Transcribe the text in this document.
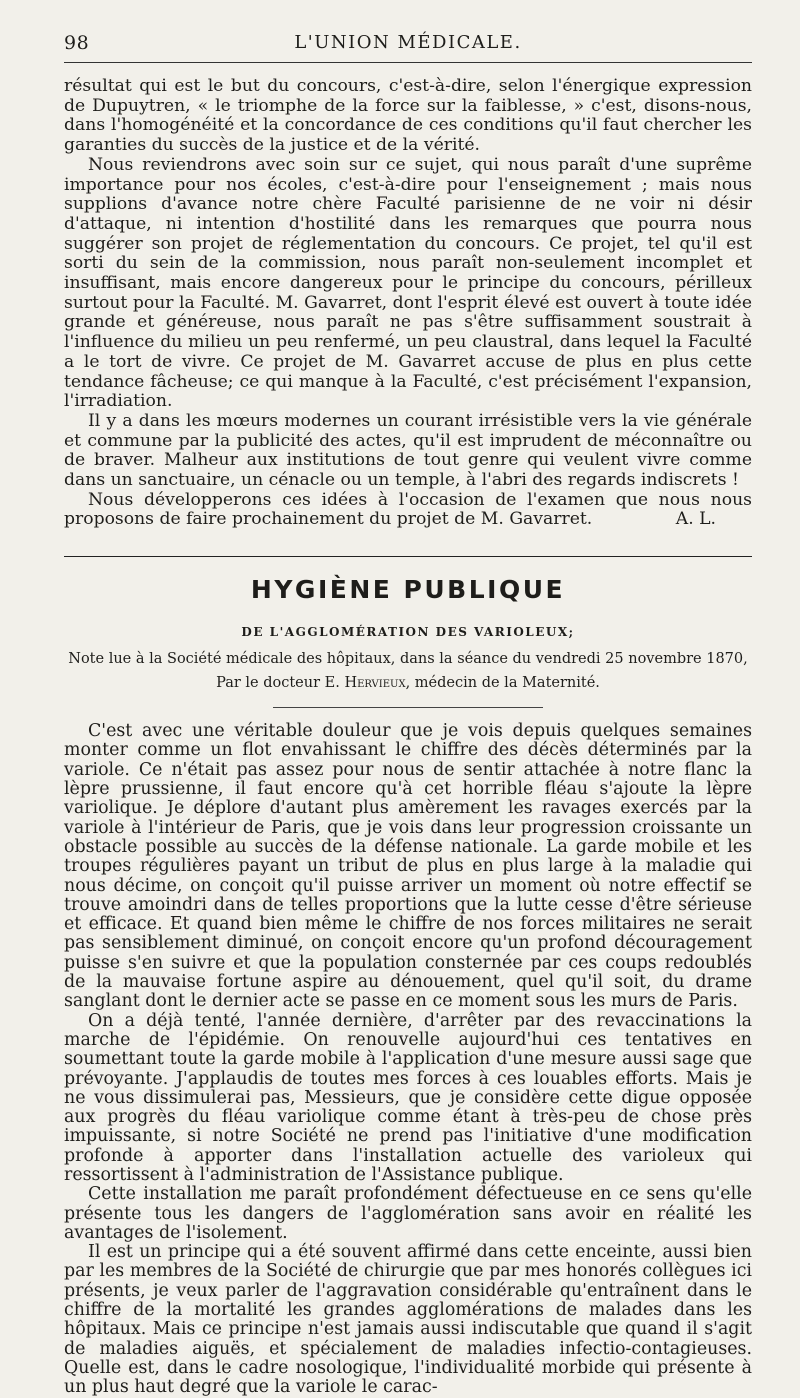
98	L'UNION MÉDICALE.

résultat qui est le but du concours, c'est-à-dire, selon l'énergique expression de Dupuytren, « le triomphe de la force sur la faiblesse, » c'est, disons-nous, dans l'homogénéité et la concordance de ces conditions qu'il faut chercher les garanties du succès de la justice et de la vérité.

Nous reviendrons avec soin sur ce sujet, qui nous paraît d'une suprême importance pour nos écoles, c'est-à-dire pour l'enseignement ; mais nous supplions d'avance notre chère Faculté parisienne de ne voir ni désir d'attaque, ni intention d'hostilité dans les remarques que pourra nous suggérer son projet de réglementation du concours. Ce projet, tel qu'il est sorti du sein de la commission, nous paraît non-seulement incomplet et insuffisant, mais encore dangereux pour le principe du concours, périlleux surtout pour la Faculté. M. Gavarret, dont l'esprit élevé est ouvert à toute idée grande et généreuse, nous paraît ne pas s'être suffisamment soustrait à l'influence du milieu un peu renfermé, un peu claustral, dans lequel la Faculté a le tort de vivre. Ce projet de M. Gavarret accuse de plus en plus cette tendance fâcheuse; ce qui manque à la Faculté, c'est précisément l'expansion, l'irradiation.

Il y a dans les mœurs modernes un courant irrésistible vers la vie générale et commune par la publicité des actes, qu'il est imprudent de méconnaître ou de braver. Malheur aux institutions de tout genre qui veulent vivre comme dans un sanctuaire, un cénacle ou un temple, à l'abri des regards indiscrets !

Nous développerons ces idées à l'occasion de l'examen que nous nous proposons de faire prochainement du projet de M. Gavarret.	A. L.

HYGIÈNE PUBLIQUE
DE L'AGGLOMÉRATION DES VARIOLEUX;
Note lue à la Société médicale des hôpitaux, dans la séance du vendredi 25 novembre 1870,
Par le docteur E. Hervieux, médecin de la Maternité.

C'est avec une véritable douleur que je vois depuis quelques semaines monter comme un flot envahissant le chiffre des décès déterminés par la variole. Ce n'était pas assez pour nous de sentir attachée à notre flanc la lèpre prussienne, il faut encore qu'à cet horrible fléau s'ajoute la lèpre variolique. Je déplore d'autant plus amèrement les ravages exercés par la variole à l'intérieur de Paris, que je vois dans leur progression croissante un obstacle possible au succès de la défense nationale. La garde mobile et les troupes régulières payant un tribut de plus en plus large à la maladie qui nous décime, on conçoit qu'il puisse arriver un moment où notre effectif se trouve amoindri dans de telles proportions que la lutte cesse d'être sérieuse et efficace. Et quand bien même le chiffre de nos forces militaires ne serait pas sensiblement diminué, on conçoit encore qu'un profond découragement puisse s'en suivre et que la population consternée par ces coups redoublés de la mauvaise fortune aspire au dénouement, quel qu'il soit, du drame sanglant dont le dernier acte se passe en ce moment sous les murs de Paris.

On a déjà tenté, l'année dernière, d'arrêter par des revaccinations la marche de l'épidémie. On renouvelle aujourd'hui ces tentatives en soumettant toute la garde mobile à l'application d'une mesure aussi sage que prévoyante. J'applaudis de toutes mes forces à ces louables efforts. Mais je ne vous dissimulerai pas, Messieurs, que je considère cette digue opposée aux progrès du fléau variolique comme étant à très-peu de chose près impuissante, si notre Société ne prend pas l'initiative d'une modification profonde à apporter dans l'installation actuelle des varioleux qui ressortissent à l'administration de l'Assistance publique.

Cette installation me paraît profondément défectueuse en ce sens qu'elle présente tous les dangers de l'agglomération sans avoir en réalité les avantages de l'isolement.

Il est un principe qui a été souvent affirmé dans cette enceinte, aussi bien par les membres de la Société de chirurgie que par mes honorés collègues ici présents, je veux parler de l'aggravation considérable qu'entraînent dans le chiffre de la mortalité les grandes agglomérations de malades dans les hôpitaux. Mais ce principe n'est jamais aussi indiscutable que quand il s'agit de maladies aiguës, et spécialement de maladies infectio-contagieuses. Quelle est, dans le cadre nosologique, l'individualité morbide qui présente à un plus haut degré que la variole le carac-
